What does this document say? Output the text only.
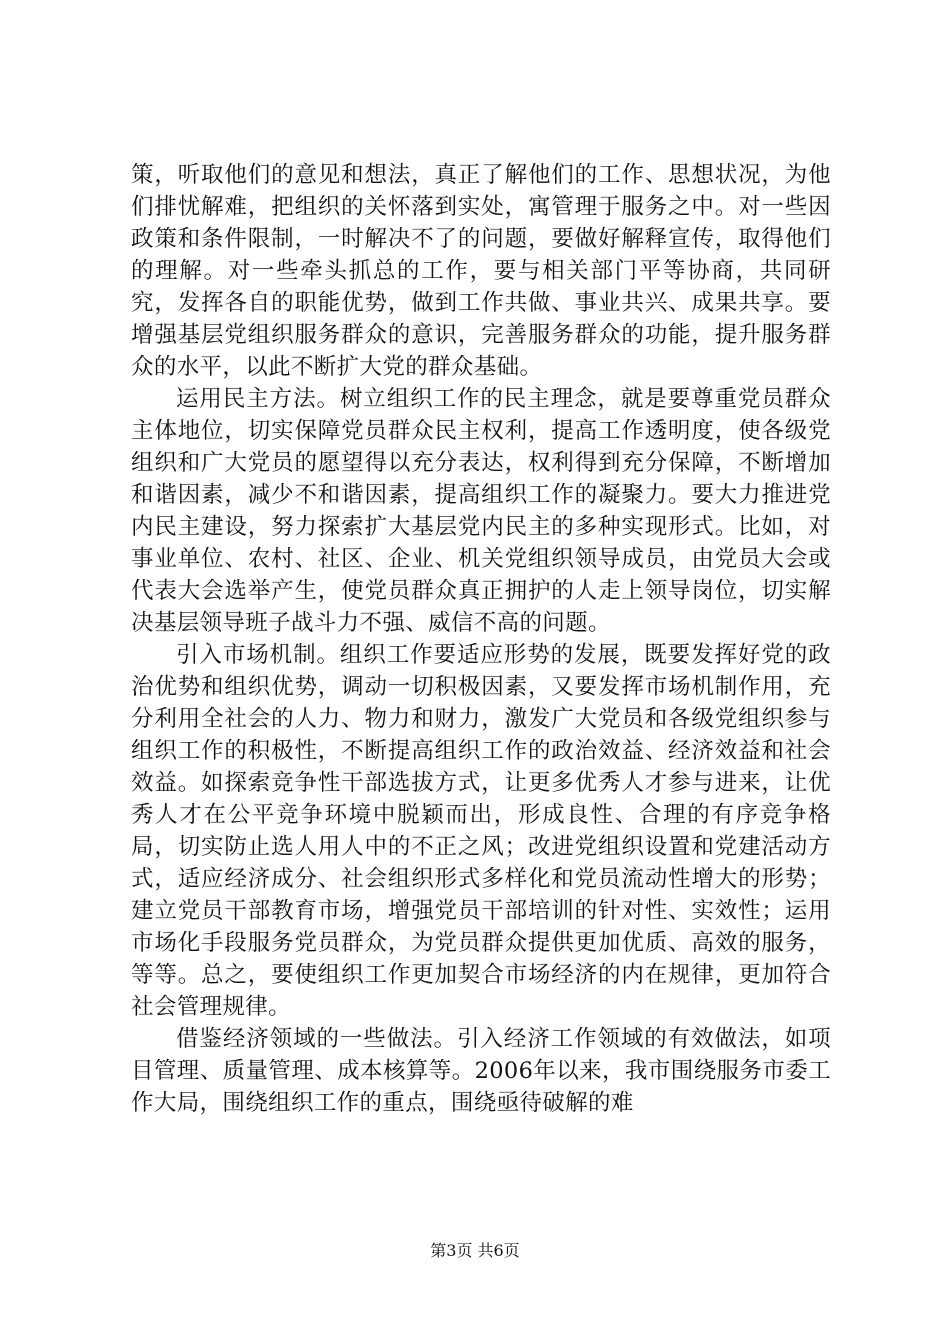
策，听取他们的意见和想法，真正了解他们的工作、思想状况，为他们排忧解难，把组织的关怀落到实处，寓管理于服务之中。对一些因政策和条件限制，一时解决不了的问题，要做好解释宣传，取得他们的理解。对一些牵头抓总的工作，要与相关部门平等协商，共同研究，发挥各自的职能优势，做到工作共做、事业共兴、成果共享。要增强基层党组织服务群众的意识，完善服务群众的功能，提升服务群众的水平，以此不断扩大党的群众基础。

运用民主方法。树立组织工作的民主理念，就是要尊重党员群众主体地位，切实保障党员群众民主权利，提高工作透明度，使各级党组织和广大党员的愿望得以充分表达，权利得到充分保障，不断增加和谐因素，减少不和谐因素，提高组织工作的凝聚力。要大力推进党内民主建设，努力探索扩大基层党内民主的多种实现形式。比如，对事业单位、农村、社区、企业、机关党组织领导成员，由党员大会或代表大会选举产生，使党员群众真正拥护的人走上领导岗位，切实解决基层领导班子战斗力不强、威信不高的问题。

引入市场机制。组织工作要适应形势的发展，既要发挥好党的政治优势和组织优势，调动一切积极因素，又要发挥市场机制作用，充分利用全社会的人力、物力和财力，激发广大党员和各级党组织参与组织工作的积极性，不断提高组织工作的政治效益、经济效益和社会效益。如探索竞争性干部选拔方式，让更多优秀人才参与进来，让优秀人才在公平竞争环境中脱颖而出，形成良性、合理的有序竞争格局，切实防止选人用人中的不正之风；改进党组织设置和党建活动方式，适应经济成分、社会组织形式多样化和党员流动性增大的形势；建立党员干部教育市场，增强党员干部培训的针对性、实效性；运用市场化手段服务党员群众，为党员群众提供更加优质、高效的服务，等等。总之，要使组织工作更加契合市场经济的内在规律，更加符合社会管理规律。

借鉴经济领域的一些做法。引入经济工作领域的有效做法，如项目管理、质量管理、成本核算等。2006年以来，我市围绕服务市委工作大局，围绕组织工作的重点，围绕亟待破解的难

第3页 共6页
